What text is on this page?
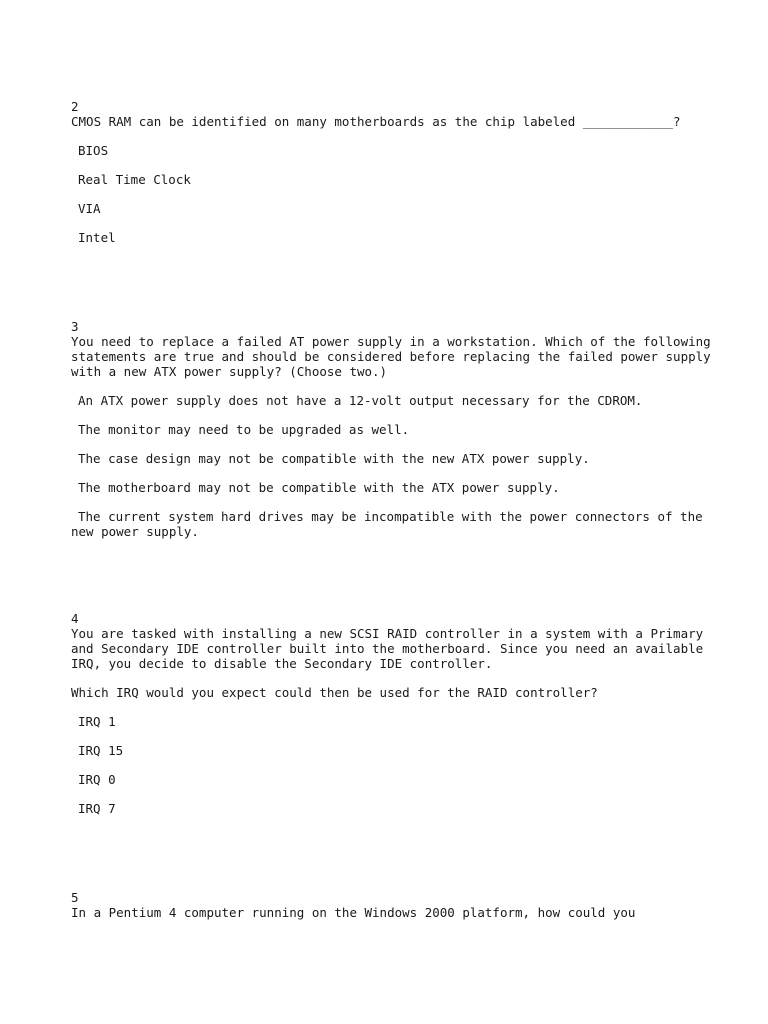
2
CMOS RAM can be identified on many motherboards as the chip labeled ____________?
BIOS
Real Time Clock
VIA
Intel
3
You need to replace a failed AT power supply in a workstation. Which of the following statements are true and should be considered before replacing the failed power supply with a new ATX power supply? (Choose two.)
An ATX power supply does not have a 12-volt output necessary for the CDROM.
The monitor may need to be upgraded as well.
The case design may not be compatible with the new ATX power supply.
The motherboard may not be compatible with the ATX power supply.
The current system hard drives may be incompatible with the power connectors of the new power supply.
4
You are tasked with installing a new SCSI RAID controller in a system with a Primary and Secondary IDE controller built into the motherboard. Since you need an available IRQ, you decide to disable the Secondary IDE controller.
Which IRQ would you expect could then be used for the RAID controller?
IRQ 1
IRQ 15
IRQ 0
IRQ 7
5
In a Pentium 4 computer running on the Windows 2000 platform, how could you
